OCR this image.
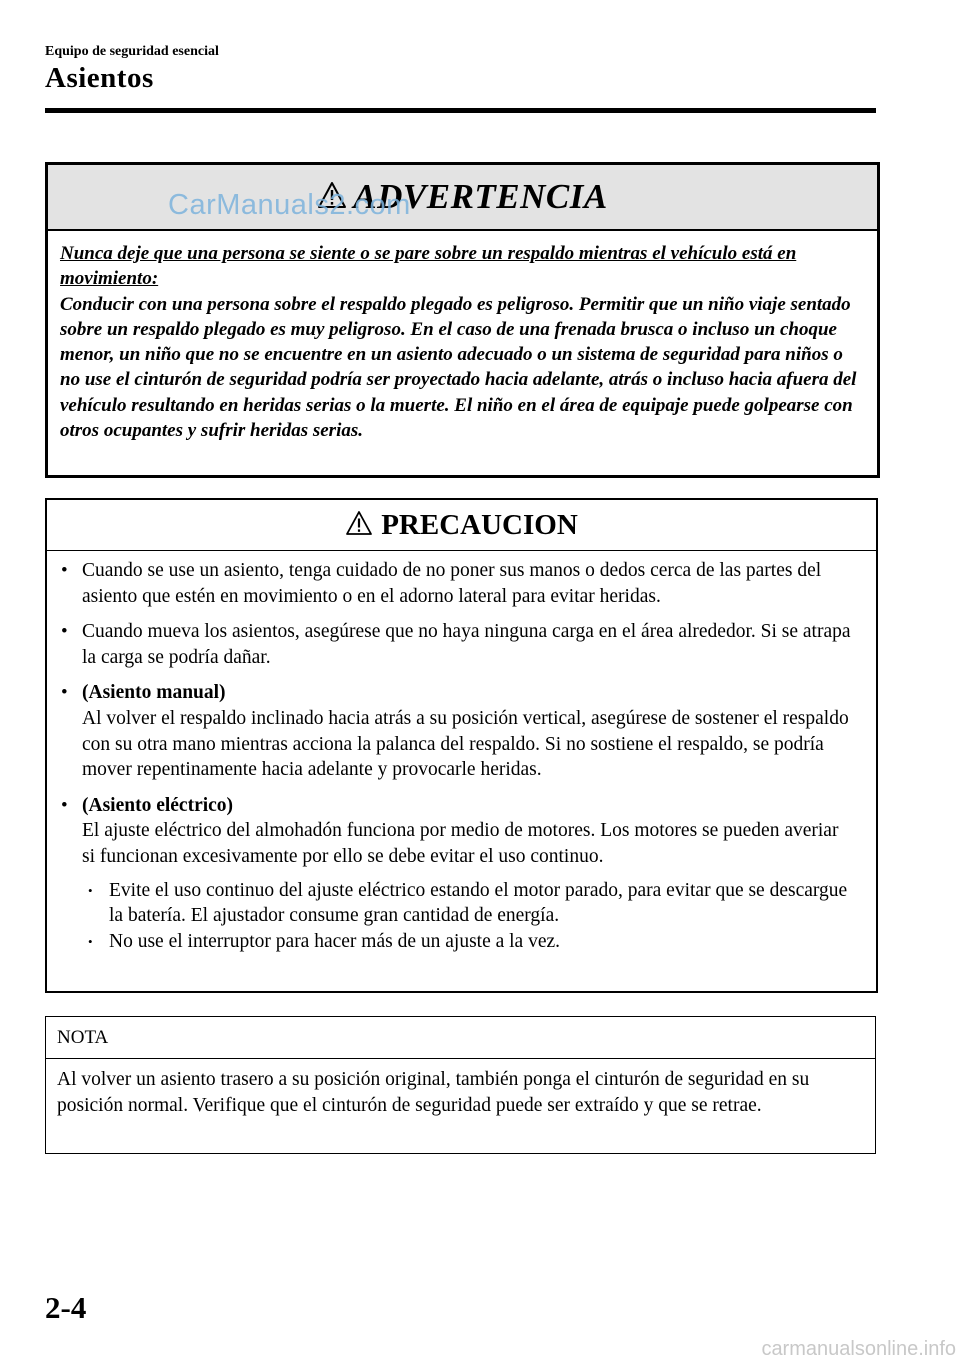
Equipo de seguridad esencial
Asientos
ADVERTENCIA
Nunca deje que una persona se siente o se pare sobre un respaldo mientras el vehículo está en movimiento:
Conducir con una persona sobre el respaldo plegado es peligroso. Permitir que un niño viaje sentado sobre un respaldo plegado es muy peligroso. En el caso de una frenada brusca o incluso un choque menor, un niño que no se encuentre en un asiento adecuado o un sistema de seguridad para niños o no use el cinturón de seguridad podría ser proyectado hacia adelante, atrás o incluso hacia afuera del vehículo resultando en heridas serias o la muerte. El niño en el área de equipaje puede golpearse con otros ocupantes y sufrir heridas serias.
CarManuals2.com
PRECAUCION
• Cuando se use un asiento, tenga cuidado de no poner sus manos o dedos cerca de las partes del asiento que estén en movimiento o en el adorno lateral para evitar heridas.
• Cuando mueva los asientos, asegúrese que no haya ninguna carga en el área alrededor. Si se atrapa la carga se podría dañar.
• (Asiento manual)
Al volver el respaldo inclinado hacia atrás a su posición vertical, asegúrese de sostener el respaldo con su otra mano mientras acciona la palanca del respaldo. Si no sostiene el respaldo, se podría mover repentinamente hacia adelante y provocarle heridas.
• (Asiento eléctrico)
El ajuste eléctrico del almohadón funciona por medio de motores. Los motores se pueden averiar si funcionan excesivamente por ello se debe evitar el uso continuo.
• Evite el uso continuo del ajuste eléctrico estando el motor parado, para evitar que se descargue la batería. El ajustador consume gran cantidad de energía.
• No use el interruptor para hacer más de un ajuste a la vez.
NOTA
Al volver un asiento trasero a su posición original, también ponga el cinturón de seguridad en su posición normal. Verifique que el cinturón de seguridad puede ser extraído y que se retrae.
2-4
carmanualsonline.info
